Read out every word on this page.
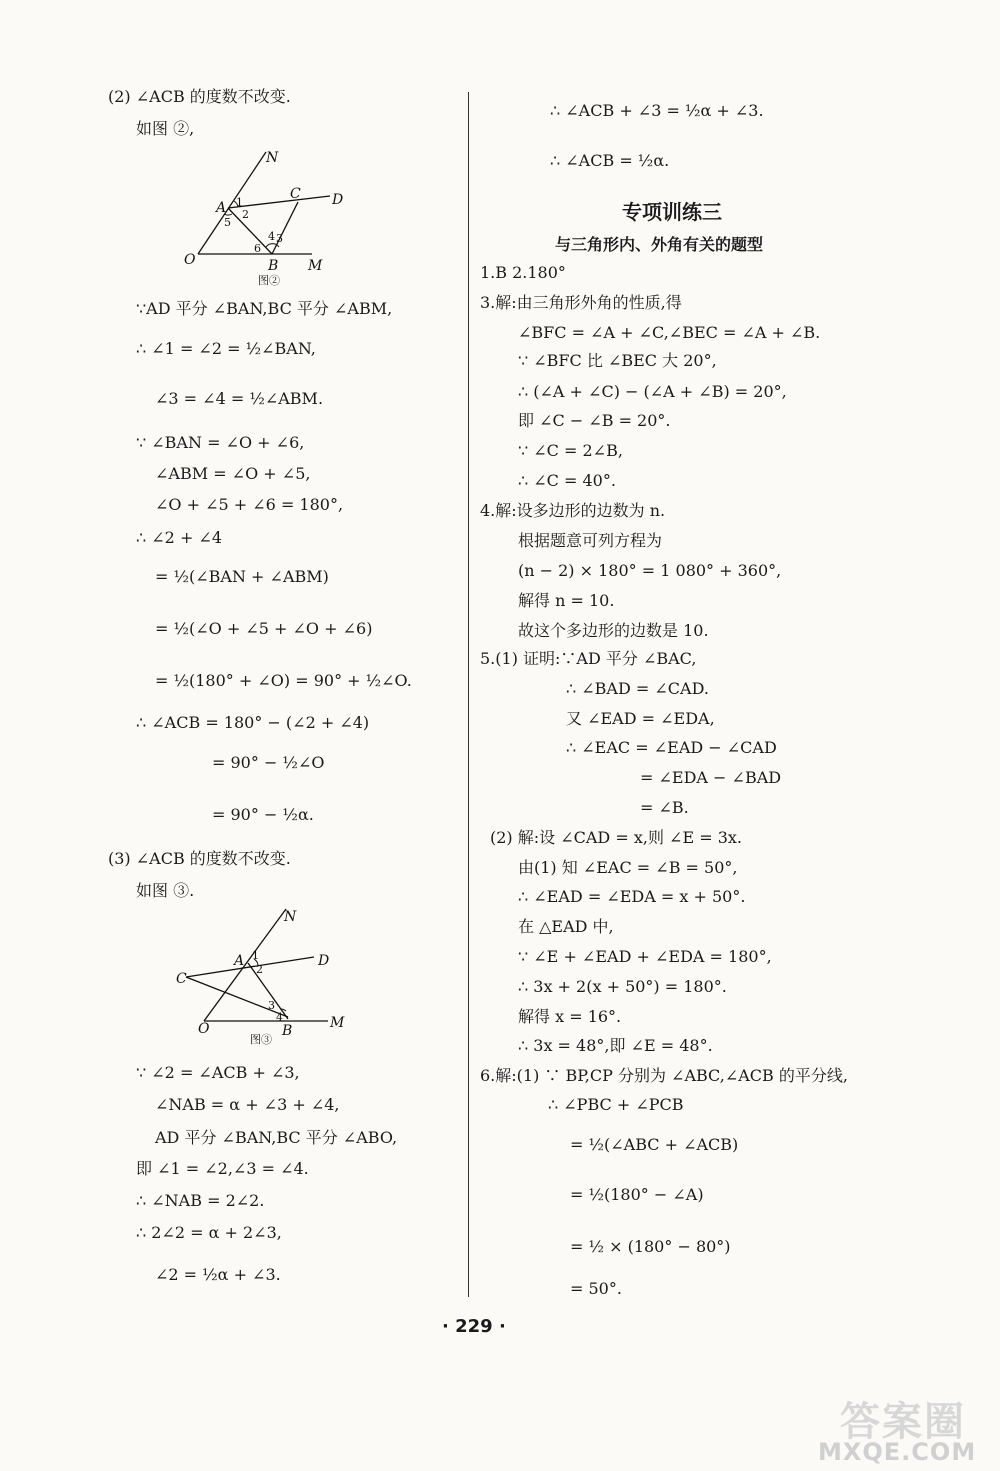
(2) ∠ACB 的度数不改变.
如图 ②,
N
A
C D
O	B M
1
2
3
4
5
6
图②
∵AD 平分 ∠BAN,BC 平分 ∠ABM,
∴ ∠1 = ∠2 = ½∠BAN,
∠3 = ∠4 = ½∠ABM.
∵ ∠BAN = ∠O + ∠6,
∠ABM = ∠O + ∠5,
∠O + ∠5 + ∠6 = 180°,
∴ ∠2 + ∠4
= ½(∠BAN + ∠ABM)
= ½(∠O + ∠5 + ∠O + ∠6)
= ½(180° + ∠O) = 90° + ½∠O.
∴ ∠ACB = 180° − (∠2 + ∠4)
= 90° − ½∠O
= 90° − ½α.
(3) ∠ACB 的度数不改变.
如图 ③.
N
A
C
D
O	B	M
1
2
3
4
图③
∵ ∠2 = ∠ACB + ∠3,
∠NAB = α + ∠3 + ∠4,
AD 平分 ∠BAN,BC 平分 ∠ABO,
即 ∠1 = ∠2,∠3 = ∠4.
∴ ∠NAB = 2∠2.
∴ 2∠2 = α + 2∠3,
∠2 = ½α + ∠3.
∴ ∠ACB + ∠3 = ½α + ∠3.
∴ ∠ACB = ½α.
专项训练三
与三角形内、外角有关的题型
1.B 2.180°
3.解:由三角形外角的性质,得
∠BFC = ∠A + ∠C,∠BEC = ∠A + ∠B.
∵ ∠BFC 比 ∠BEC 大 20°,
∴ (∠A + ∠C) − (∠A + ∠B) = 20°,
即 ∠C − ∠B = 20°.
∵ ∠C = 2∠B,
∴ ∠C = 40°.
4.解:设多边形的边数为 n.
根据题意可列方程为
(n − 2) × 180° = 1 080° + 360°,
解得 n = 10.
故这个多边形的边数是 10.
5.(1) 证明:∵AD 平分 ∠BAC,
∴ ∠BAD = ∠CAD.
又 ∠EAD = ∠EDA,
∴ ∠EAC = ∠EAD − ∠CAD
= ∠EDA − ∠BAD
= ∠B.
(2) 解:设 ∠CAD = x,则 ∠E = 3x.
由(1) 知 ∠EAC = ∠B = 50°,
∴ ∠EAD = ∠EDA = x + 50°.
在 △EAD 中,
∵ ∠E + ∠EAD + ∠EDA = 180°,
∴ 3x + 2(x + 50°) = 180°.
解得 x = 16°.
∴ 3x = 48°,即 ∠E = 48°.
6.解:(1) ∵ BP,CP 分别为 ∠ABC,∠ACB 的平分线,
∴ ∠PBC + ∠PCB
= ½(∠ABC + ∠ACB)
= ½(180° − ∠A)
= ½ × (180° − 80°)
= 50°.
· 229 ·
答案圈
MXQE.COM
